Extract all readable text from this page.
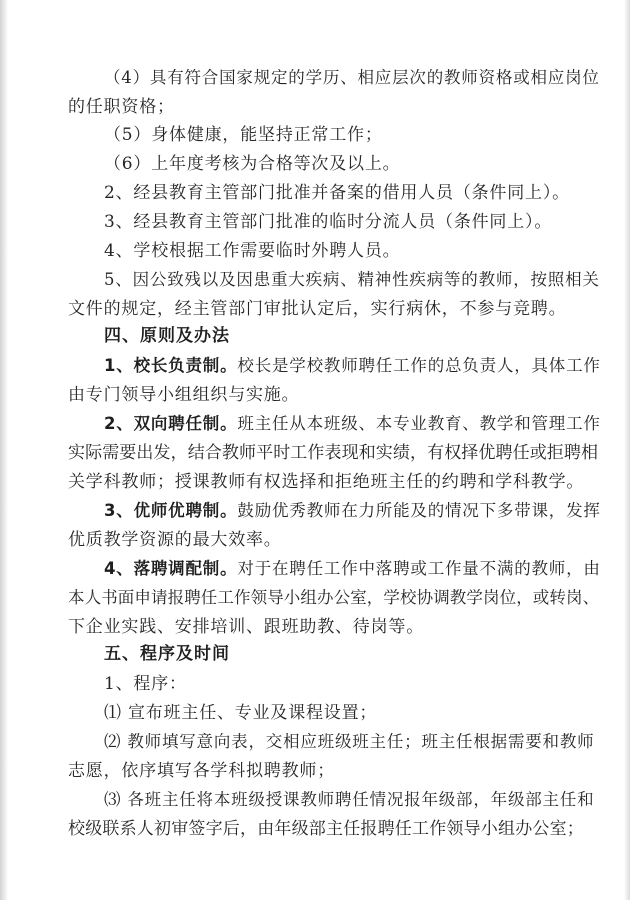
（4）具有符合国家规定的学历、相应层次的教师资格或相应岗位
的任职资格；
（5）身体健康，能坚持正常工作；
（6）上年度考核为合格等次及以上。
2、经县教育主管部门批准并备案的借用人员（条件同上）。
3、经县教育主管部门批准的临时分流人员（条件同上）。
4、学校根据工作需要临时外聘人员。
5、因公致残以及因患重大疾病、精神性疾病等的教师，按照相关
文件的规定，经主管部门审批认定后，实行病休，不参与竞聘。
四、原则及办法
1、校长负责制。校长是学校教师聘任工作的总负责人，具体工作
由专门领导小组组织与实施。
2、双向聘任制。班主任从本班级、本专业教育、教学和管理工作
实际需要出发，结合教师平时工作表现和实绩，有权择优聘任或拒聘相
关学科教师；授课教师有权选择和拒绝班主任的约聘和学科教学。
3、优师优聘制。鼓励优秀教师在力所能及的情况下多带课，发挥
优质教学资源的最大效率。
4、落聘调配制。对于在聘任工作中落聘或工作量不满的教师，由
本人书面申请报聘任工作领导小组办公室，学校协调教学岗位，或转岗、
下企业实践、安排培训、跟班助教、待岗等。
五、程序及时间
1、程序：
⑴ 宣布班主任、专业及课程设置；
⑵ 教师填写意向表，交相应班级班主任；班主任根据需要和教师
志愿，依序填写各学科拟聘教师；
⑶ 各班主任将本班级授课教师聘任情况报年级部，年级部主任和
校级联系人初审签字后，由年级部主任报聘任工作领导小组办公室；
